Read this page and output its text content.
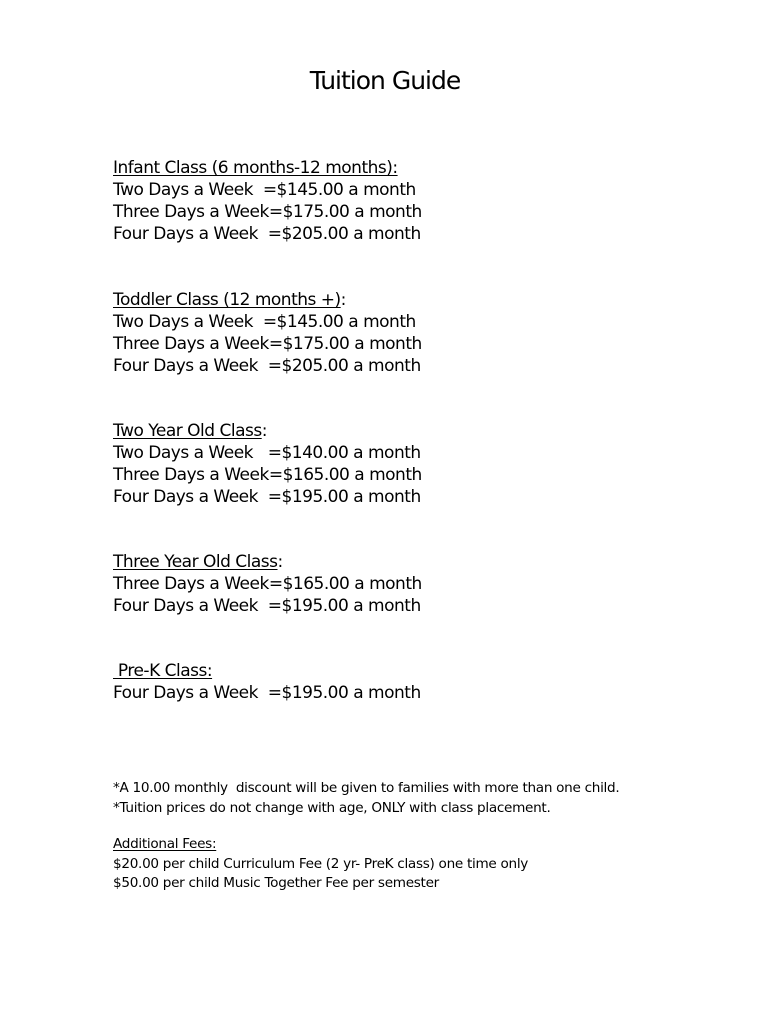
Tuition Guide
Infant Class (6 months-12 months):
Two Days a Week  =$145.00 a month
Three Days a Week=$175.00 a month
Four Days a Week  =$205.00 a month
Toddler Class (12 months +):
Two Days a Week  =$145.00 a month
Three Days a Week=$175.00 a month
Four Days a Week  =$205.00 a month
Two Year Old Class:
Two Days a Week   =$140.00 a month
Three Days a Week=$165.00 a month
Four Days a Week  =$195.00 a month
Three Year Old Class:
Three Days a Week=$165.00 a month
Four Days a Week  =$195.00 a month
Pre-K Class:
Four Days a Week  =$195.00 a month
*A 10.00 monthly  discount will be given to families with more than one child.
*Tuition prices do not change with age, ONLY with class placement.
Additional Fees:
$20.00 per child Curriculum Fee (2 yr- PreK class) one time only
$50.00 per child Music Together Fee per semester
